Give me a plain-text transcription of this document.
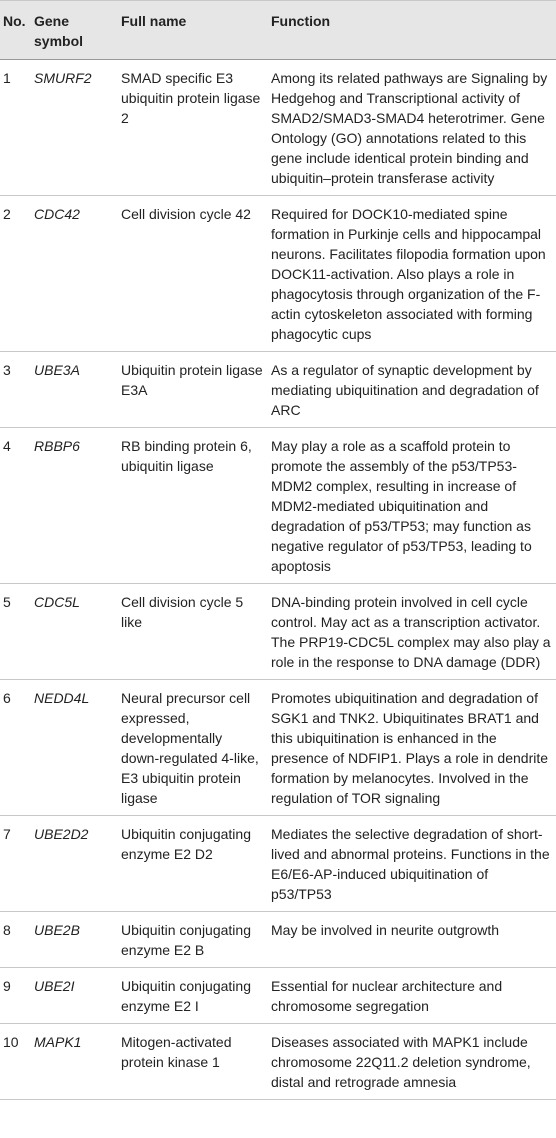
No.	Gene symbol	Full name	Function
1	SMURF2	SMAD specific E3 ubiquitin protein ligase 2	Among its related pathways are Signaling by Hedgehog and Transcriptional activity of SMAD2/SMAD3-SMAD4 heterotrimer. Gene Ontology (GO) annotations related to this gene include identical protein binding and ubiquitin–protein transferase activity
2	CDC42	Cell division cycle 42	Required for DOCK10-mediated spine formation in Purkinje cells and hippocampal neurons. Facilitates filopodia formation upon DOCK11-activation. Also plays a role in phagocytosis through organization of the F-actin cytoskeleton associated with forming phagocytic cups
3	UBE3A	Ubiquitin protein ligase E3A	As a regulator of synaptic development by mediating ubiquitination and degradation of ARC
4	RBBP6	RB binding protein 6, ubiquitin ligase	May play a role as a scaffold protein to promote the assembly of the p53/TP53-MDM2 complex, resulting in increase of MDM2-mediated ubiquitination and degradation of p53/TP53; may function as negative regulator of p53/TP53, leading to apoptosis
5	CDC5L	Cell division cycle 5 like	DNA-binding protein involved in cell cycle control. May act as a transcription activator. The PRP19-CDC5L complex may also play a role in the response to DNA damage (DDR)
6	NEDD4L	Neural precursor cell expressed, developmentally down-regulated 4-like, E3 ubiquitin protein ligase	Promotes ubiquitination and degradation of SGK1 and TNK2. Ubiquitinates BRAT1 and this ubiquitination is enhanced in the presence of NDFIP1. Plays a role in dendrite formation by melanocytes. Involved in the regulation of TOR signaling
7	UBE2D2	Ubiquitin conjugating enzyme E2 D2	Mediates the selective degradation of short-lived and abnormal proteins. Functions in the E6/E6-AP-induced ubiquitination of p53/TP53
8	UBE2B	Ubiquitin conjugating enzyme E2 B	May be involved in neurite outgrowth
9	UBE2I	Ubiquitin conjugating enzyme E2 I	Essential for nuclear architecture and chromosome segregation
10	MAPK1	Mitogen-activated protein kinase 1	Diseases associated with MAPK1 include chromosome 22Q11.2 deletion syndrome, distal and retrograde amnesia
